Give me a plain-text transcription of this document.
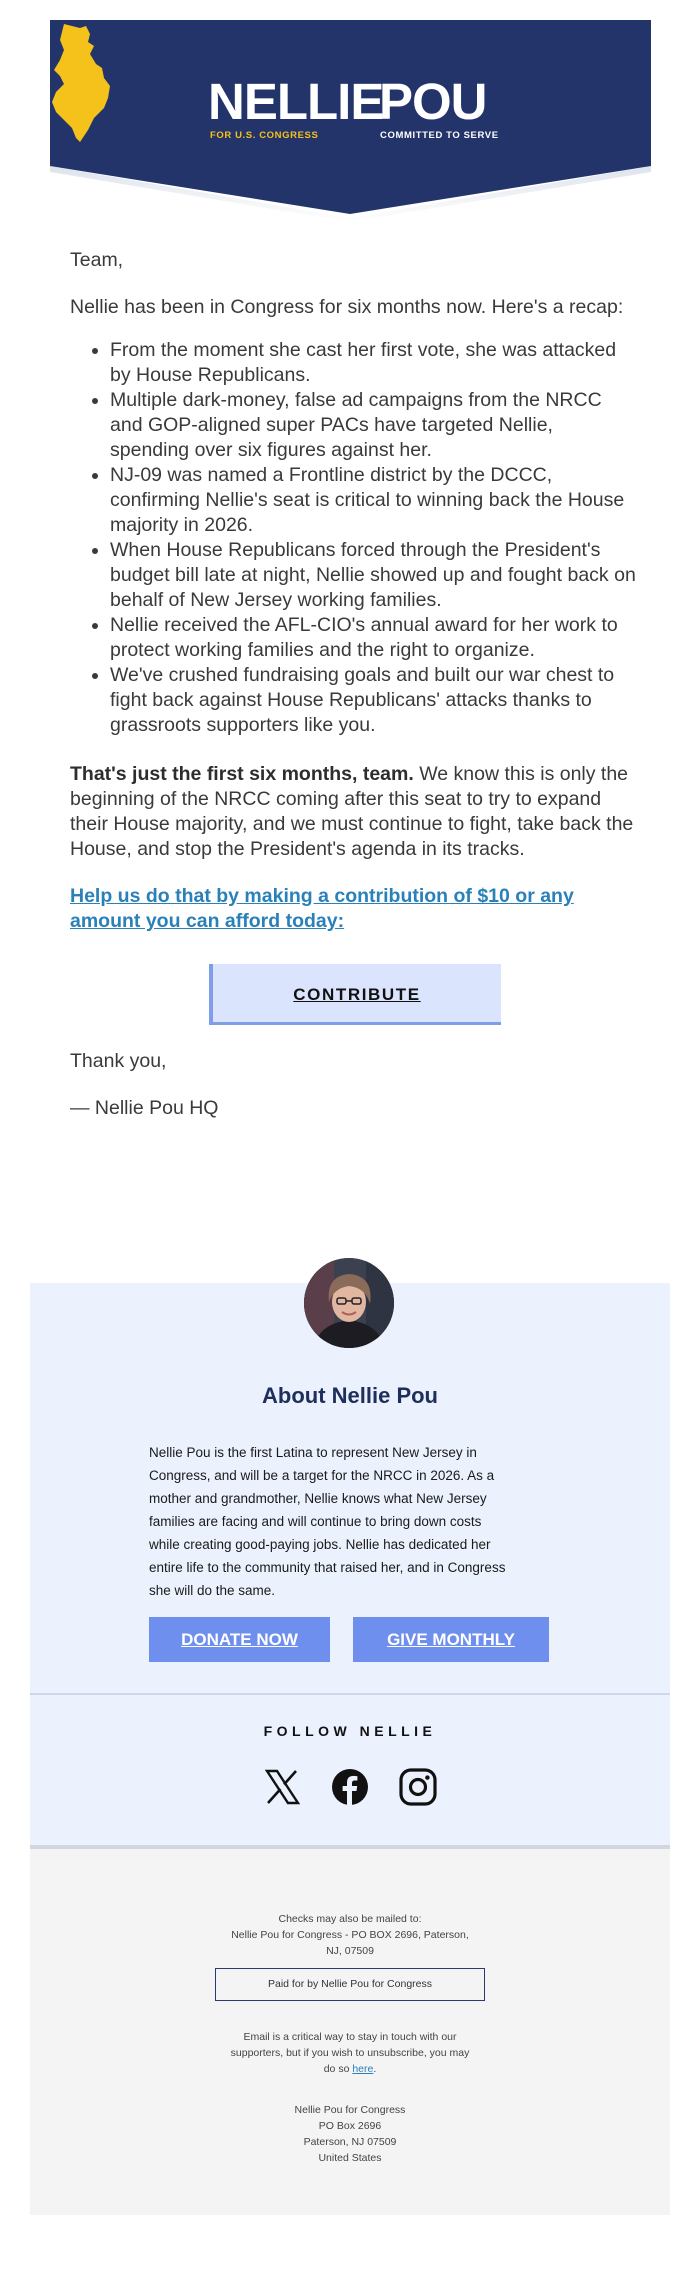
NELLIE
FOR U.S. CONGRESS
POU
COMMITTED TO SERVE

Team,

Nellie has been in Congress for six months now. Here's a recap:

• From the moment she cast her first vote, she was attacked by House Republicans.
• Multiple dark-money, false ad campaigns from the NRCC and GOP-aligned super PACs have targeted Nellie, spending over six figures against her.
• NJ-09 was named a Frontline district by the DCCC, confirming Nellie's seat is critical to winning back the House majority in 2026.
• When House Republicans forced through the President's budget bill late at night, Nellie showed up and fought back on behalf of New Jersey working families.
• Nellie received the AFL-CIO's annual award for her work to protect working families and the right to organize.
• We've crushed fundraising goals and built our war chest to fight back against House Republicans' attacks thanks to grassroots supporters like you.

That's just the first six months, team. We know this is only the beginning of the NRCC coming after this seat to try to expand their House majority, and we must continue to fight, take back the House, and stop the President's agenda in its tracks.

Help us do that by making a contribution of $10 or any amount you can afford today:
CONTRIBUTE

Thank you,

— Nellie Pou HQ

About Nellie Pou
Nellie Pou is the first Latina to represent New Jersey in Congress, and will be a target for the NRCC in 2026. As a mother and grandmother, Nellie knows what New Jersey families are facing and will continue to bring down costs while creating good-paying jobs. Nellie has dedicated her entire life to the community that raised her, and in Congress she will do the same.
DONATE NOW	GIVE MONTHLY
FOLLOW NELLIE
Checks may also be mailed to:
Nellie Pou for Congress - PO BOX 2696, Paterson, NJ, 07509
Paid for by Nellie Pou for Congress
Email is a critical way to stay in touch with our supporters, but if you wish to unsubscribe, you may do so here.
Nellie Pou for Congress
PO Box 2696
Paterson, NJ 07509
United States
